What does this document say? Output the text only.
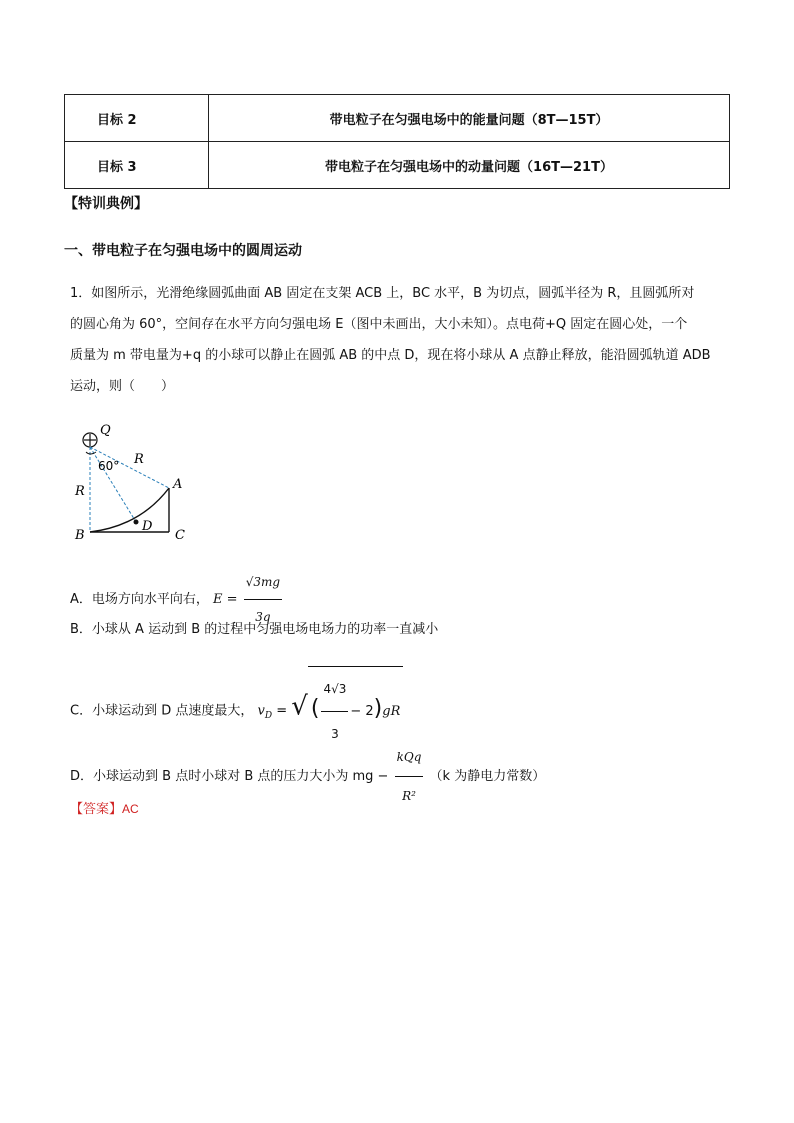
目标 2	带电粒子在匀强电场中的能量问题（8T—15T）
目标 3	带电粒子在匀强电场中的动量问题（16T—21T）
【特训典例】
一、带电粒子在匀强电场中的圆周运动
1．如图所示，光滑绝缘圆弧曲面 AB 固定在支架 ACB 上，BC 水平，B 为切点，圆弧半径为 R，且圆弧所对
的圆心角为 60°，空间存在水平方向匀强电场 E（图中未画出，大小未知）。点电荷+Q 固定在圆心处，一个
质量为 m 带电量为+q 的小球可以静止在圆弧 AB 的中点 D，现在将小球从 A 点静止释放，能沿圆弧轨道 ADB
运动，则（　　）
Q
R
60°
A
R
D
B	C
A．电场方向水平向右， $E = \frac{√3mg}{3q}$
B．小球从 A 运动到 B 的过程中匀强电场电场力的功率一直减小
C．小球运动到 D 点速度最大， $v_D$ = √ ( $\frac{4√3}{3} - 2)gR$
D．小球运动到 B 点时小球对 B 点的压力大小为 mg − $\frac{\text{kQq}}{\text{R²}} (k$ 为静电力常数）
【答案】AC
